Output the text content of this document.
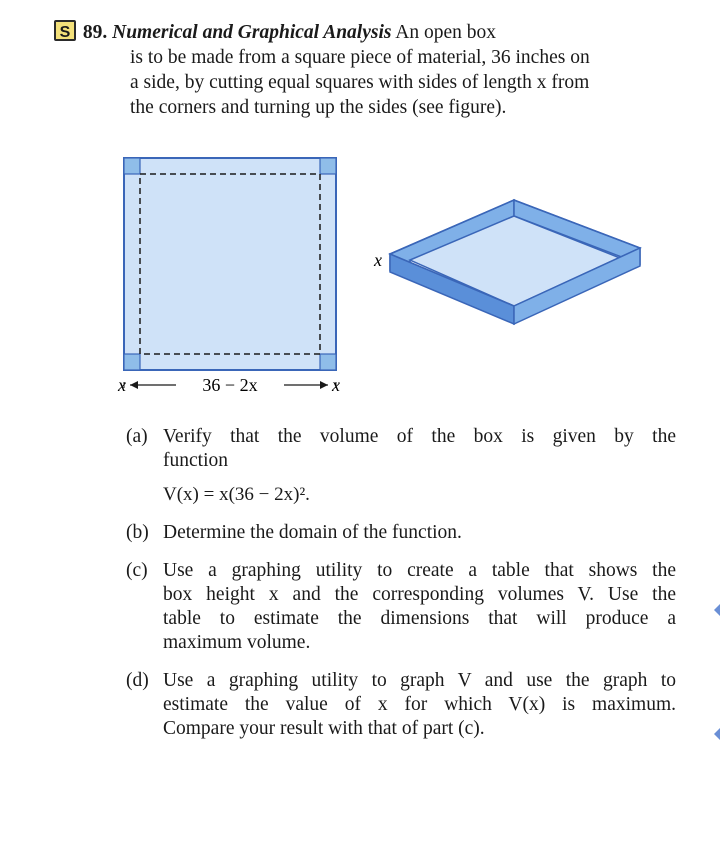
S 89. Numerical and Graphical Analysis An open box
is to be made from a square piece of material, 36 inches on
a side, by cutting equal squares with sides of length x from
the corners and turning up the sides (see figure).
x	36 − 2x	x
x
(a) Verify that the volume of the box is given by the
function
V(x) = x(36 − 2x)².
(b) Determine the domain of the function.
(c) Use a graphing utility to create a table that shows the
box height x and the corresponding volumes V. Use the
table to estimate the dimensions that will produce a
maximum volume.
(d) Use a graphing utility to graph V and use the graph to
estimate the value of x for which V(x) is maximum.
Compare your result with that of part (c).
